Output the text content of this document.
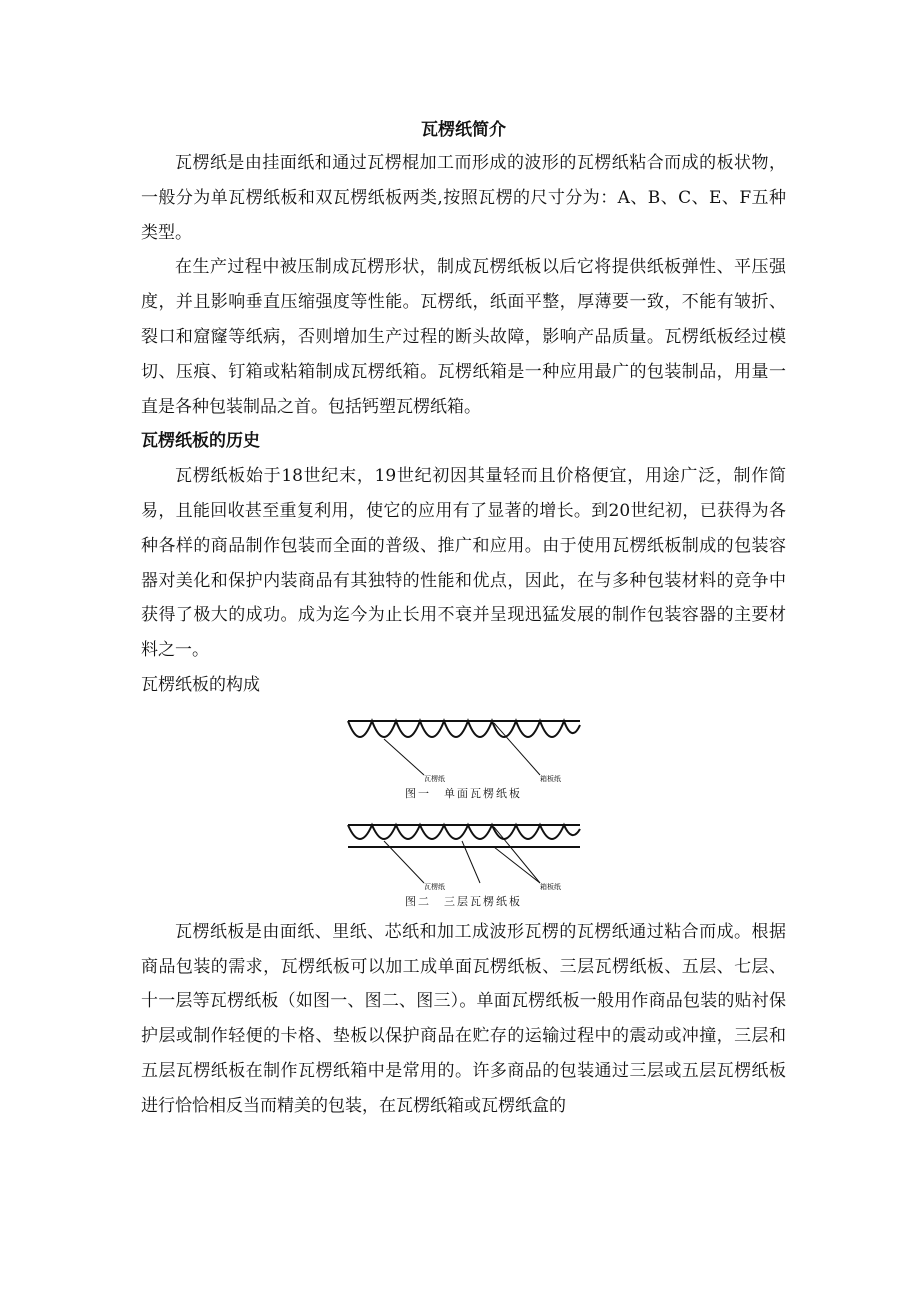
瓦楞纸简介

瓦楞纸是由挂面纸和通过瓦楞棍加工而形成的波形的瓦楞纸粘合而成的板状物，一般分为单瓦楞纸板和双瓦楞纸板两类,按照瓦楞的尺寸分为：A、B、C、E、F五种类型。

在生产过程中被压制成瓦楞形状，制成瓦楞纸板以后它将提供纸板弹性、平压强度，并且影响垂直压缩强度等性能。瓦楞纸，纸面平整，厚薄要一致，不能有皱折、裂口和窟窿等纸病，否则增加生产过程的断头故障，影响产品质量。瓦楞纸板经过模切、压痕、钉箱或粘箱制成瓦楞纸箱。瓦楞纸箱是一种应用最广的包装制品，用量一直是各种包装制品之首。包括钙塑瓦楞纸箱。

瓦楞纸板的历史

瓦楞纸板始于18世纪末，19世纪初因其量轻而且价格便宜，用途广泛，制作简易，且能回收甚至重复利用，使它的应用有了显著的增长。到20世纪初，已获得为各种各样的商品制作包装而全面的普级、推广和应用。由于使用瓦楞纸板制成的包装容器对美化和保护内装商品有其独特的性能和优点，因此，在与多种包装材料的竞争中获得了极大的成功。成为迄今为止长用不衰并呈现迅猛发展的制作包装容器的主要材料之一。

瓦楞纸板的构成
瓦楞纸	箱板纸
图一　单面瓦楞纸板
瓦楞纸	箱板纸
图二　三层瓦楞纸板

瓦楞纸板是由面纸、里纸、芯纸和加工成波形瓦楞的瓦楞纸通过粘合而成。根据商品包装的需求，瓦楞纸板可以加工成单面瓦楞纸板、三层瓦楞纸板、五层、七层、十一层等瓦楞纸板（如图一、图二、图三）。单面瓦楞纸板一般用作商品包装的贴衬保护层或制作轻便的卡格、垫板以保护商品在贮存的运输过程中的震动或冲撞，三层和五层瓦楞纸板在制作瓦楞纸箱中是常用的。许多商品的包装通过三层或五层瓦楞纸板进行恰恰相反当而精美的包装，在瓦楞纸箱或瓦楞纸盒的
